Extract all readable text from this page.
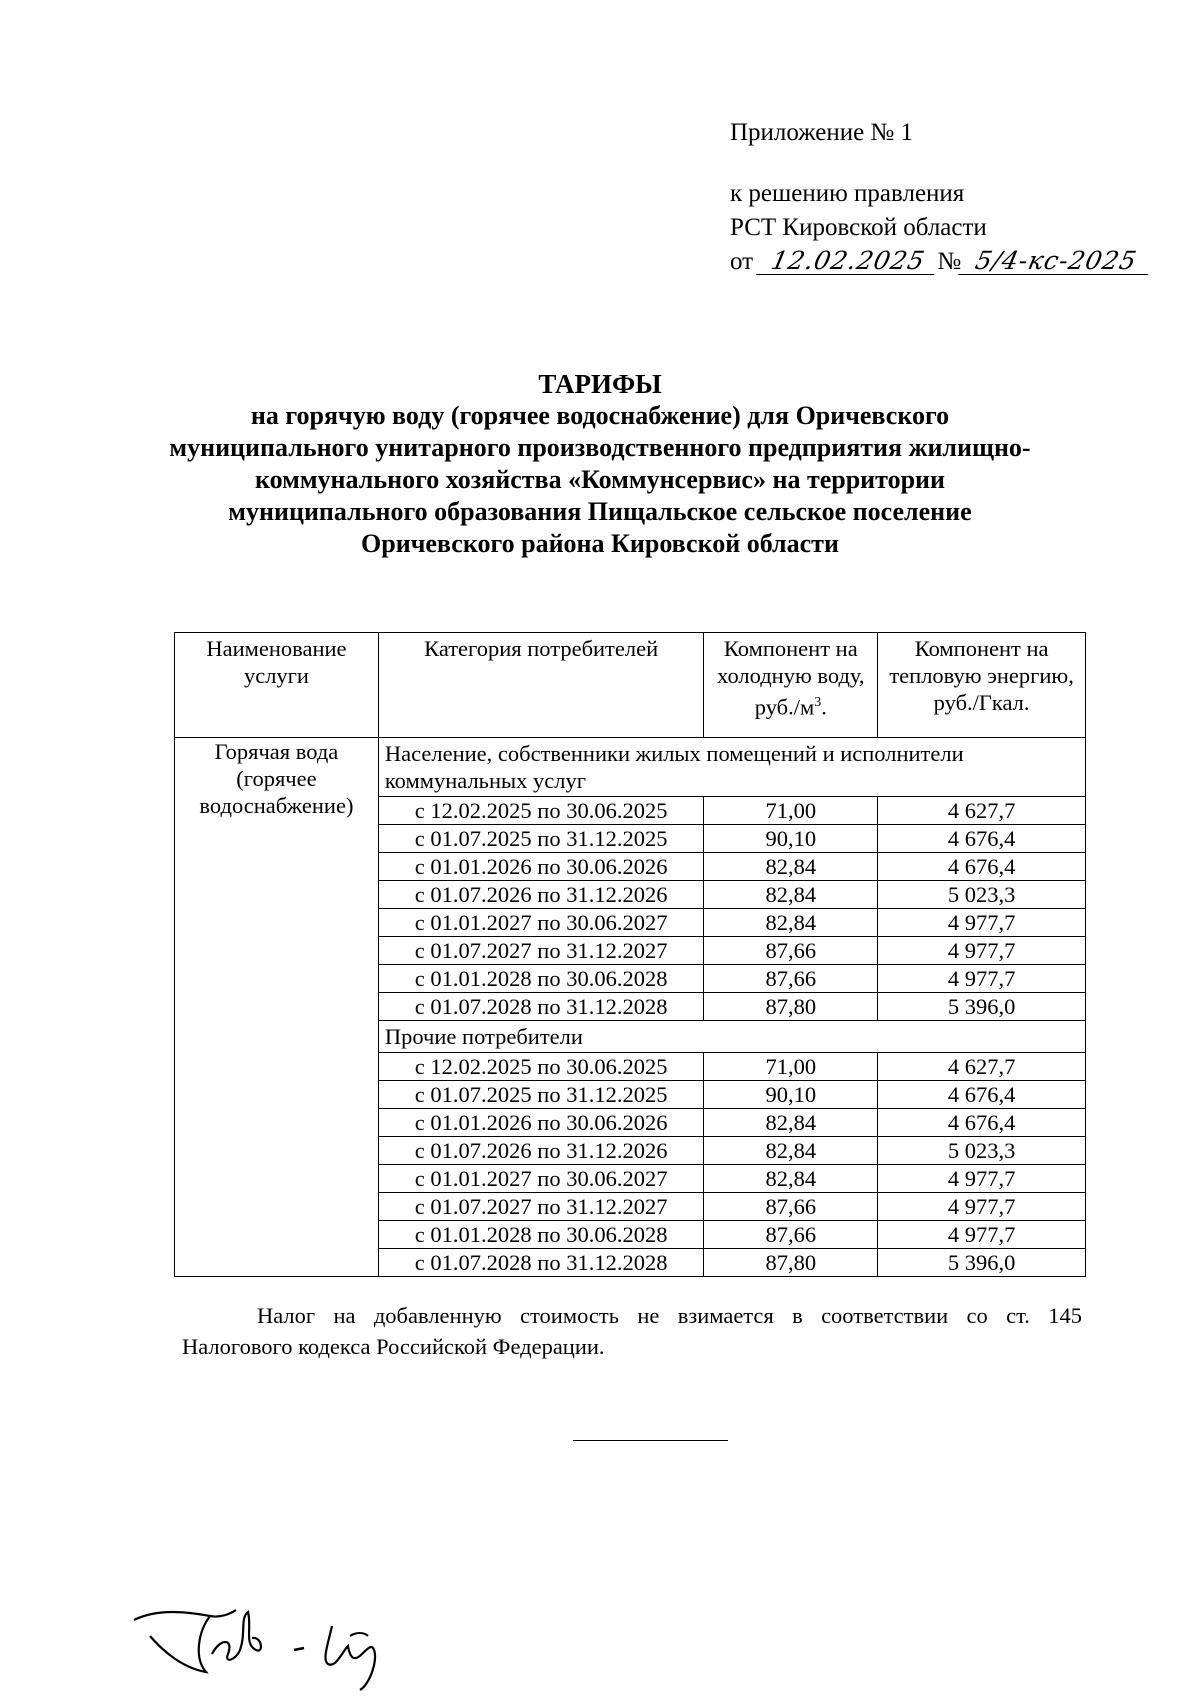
Приложение № 1

к решению правления

РСТ Кировской области

от 12.02.2025 № 5/4-кс-2025

ТАРИФЫ
на горячую воду (горячее водоснабжение) для Оричевского
муниципального унитарного производственного предприятия жилищно-
коммунального хозяйства «Коммунсервис» на территории
муниципального образования Пищальское сельское поселение
Оричевского района Кировской области
Наименование услуги	Категория потребителей	Компонент на холодную воду, $руб./м^3$.	Компонент на тепловую энергию, руб./Гкал.
Горячая вода (горячее водоснабжение)	Население, собственники жилых помещений и исполнители коммунальных услуг		
	с 12.02.2025 по 30.06.2025	71,00	4 627,7
	с 01.07.2025 по 31.12.2025	90,10	4 676,4
	с 01.01.2026 по 30.06.2026	82,84	4 676,4
	с 01.07.2026 по 31.12.2026	82,84	5 023,3
	с 01.01.2027 по 30.06.2027	82,84	4 977,7
	с 01.07.2027 по 31.12.2027	87,66	4 977,7
	с 01.01.2028 по 30.06.2028	87,66	4 977,7
	с 01.07.2028 по 31.12.2028	87,80	5 396,0
	Прочие потребители		
	с 12.02.2025 по 30.06.2025	71,00	4 627,7
	с 01.07.2025 по 31.12.2025	90,10	4 676,4
	с 01.01.2026 по 30.06.2026	82,84	4 676,4
	с 01.07.2026 по 31.12.2026	82,84	5 023,3
	с 01.01.2027 по 30.06.2027	82,84	4 977,7
	с 01.07.2027 по 31.12.2027	87,66	4 977,7
	с 01.01.2028 по 30.06.2028	87,66	4 977,7
	с 01.07.2028 по 31.12.2028	87,80	5 396,0
Налог на добавленную стоимость не взимается в соответствии со ст. 145
Налогового кодекса Российской Федерации.
